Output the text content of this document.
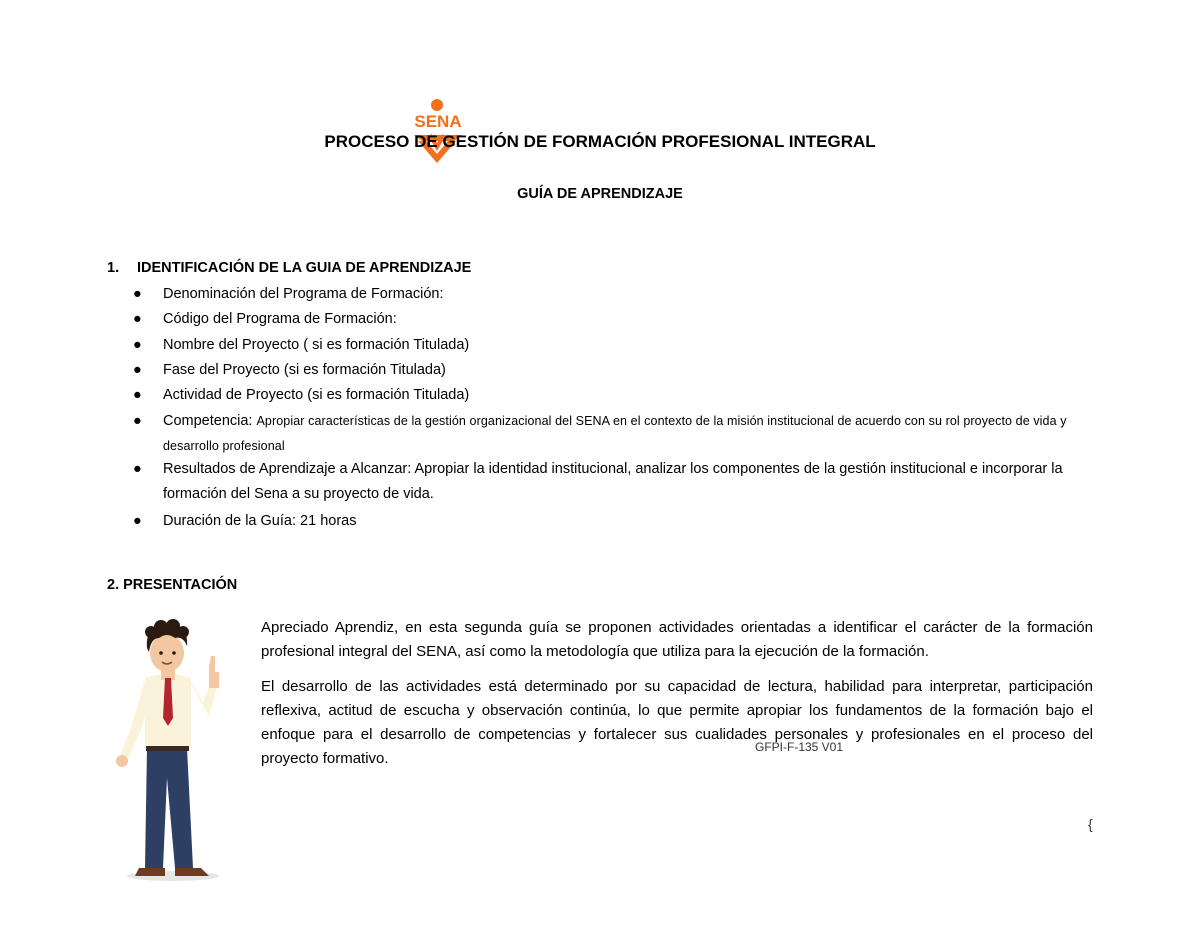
SENA
PROCESO DE GESTIÓN DE FORMACIÓN PROFESIONAL INTEGRAL
GUÍA DE APRENDIZAJE
1. IDENTIFICACIÓN DE LA GUIA DE APRENDIZAJE
● Denominación del Programa de Formación:
● Código del Programa de Formación:
● Nombre del Proyecto ( si es formación Titulada)
● Fase del Proyecto (si es formación Titulada)
● Actividad de Proyecto (si es formación Titulada)
● Competencia: Apropiar características de la gestión organizacional del SENA en el contexto de la misión institucional de acuerdo con su rol proyecto de vida y desarrollo profesional
● Resultados de Aprendizaje a Alcanzar: Apropiar la identidad institucional, analizar los componentes de la gestión institucional e incorporar la formación del Sena a su proyecto de vida.
● Duración de la Guía: 21 horas
2. PRESENTACIÓN

Apreciado Aprendiz, en esta segunda guía se proponen actividades orientadas a identificar el carácter de la formación profesional integral del SENA, así como la metodología que utiliza para la ejecución de la formación.

El desarrollo de las actividades está determinado por su capacidad de lectura, habilidad para interpretar, participación reflexiva, actitud de escucha y observación continúa, lo que permite apropiar los fundamentos de la formación bajo el enfoque para el desarrollo de competencias y fortalecer sus cualidades personales y profesionales en el proceso del proyecto formativo.

GFPI-F-135 V01
{
